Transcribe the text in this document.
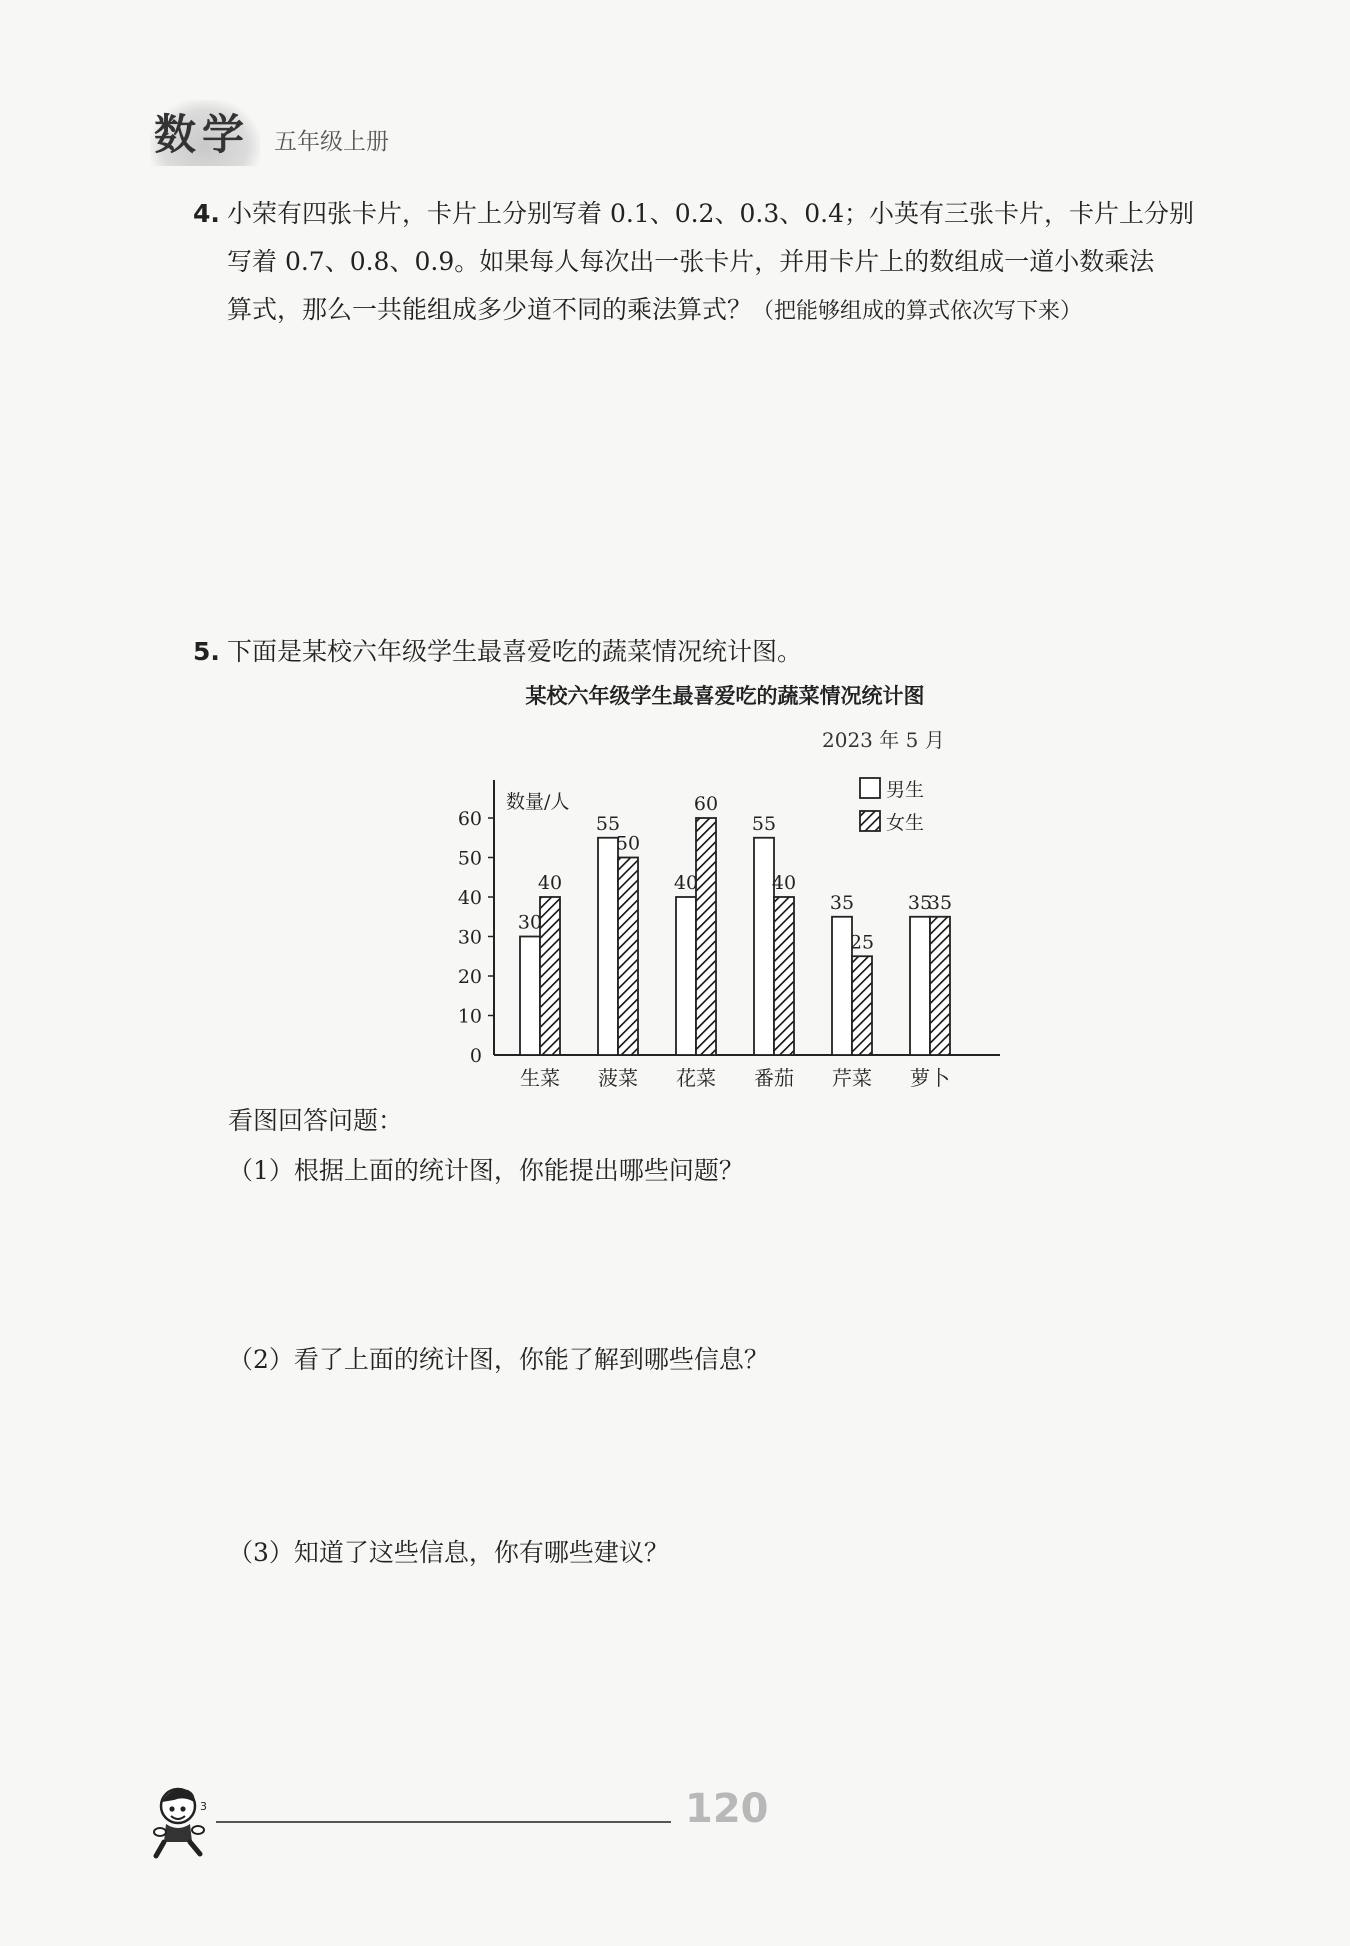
数学	五年级上册
4. 小荣有四张卡片，卡片上分别写着 0.1、0.2、0.3、0.4；小英有三张卡片，卡片上分别
写着 0.7、0.8、0.9。如果每人每次出一张卡片，并用卡片上的数组成一道小数乘法
算式，那么一共能组成多少道不同的乘法算式？（把能够组成的算式依次写下来）
5. 下面是某校六年级学生最喜爱吃的蔬菜情况统计图。
某校六年级学生最喜爱吃的蔬菜情况统计图
2023 年 5 月
数量/人
0
10
20
30
40
50
60
30
40
生菜
55
50
菠菜
40
60
花菜
55
40
番茄
35
25
芹菜
35
35
萝卜
男生
女生
看图回答问题：
（1）根据上面的统计图，你能提出哪些问题？
（2）看了上面的统计图，你能了解到哪些信息？
（3）知道了这些信息，你有哪些建议？
3	120
